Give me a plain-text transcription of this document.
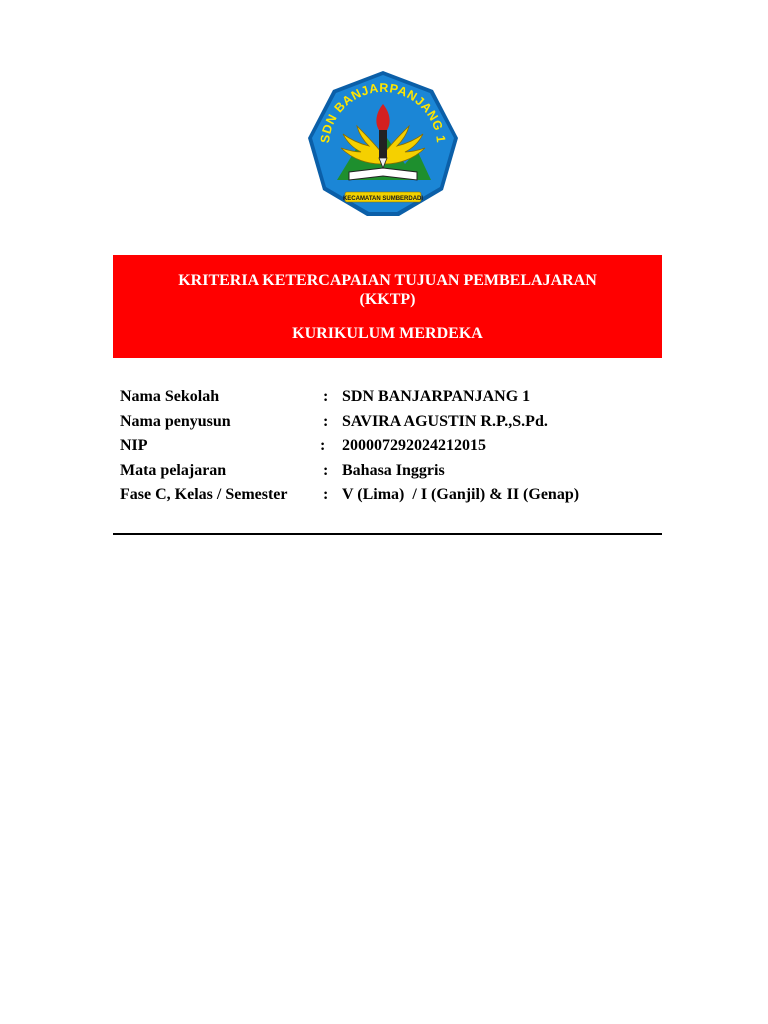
SDN BANJARPANJANG 1
KECAMATAN SUMBERDADI
KRITERIA KETERCAPAIAN TUJUAN PEMBELAJARAN
(KKTP)
KURIKULUM MERDEKA
Nama Sekolah	: SDN BANJARPANJANG 1
Nama penyusun	: SAVIRA AGUSTIN R.P.,S.Pd.
NIP	: 200007292024212015
Mata pelajaran	: Bahasa Inggris
Fase C, Kelas / Semester : V (Lima)  / I (Ganjil) & II (Genap)
